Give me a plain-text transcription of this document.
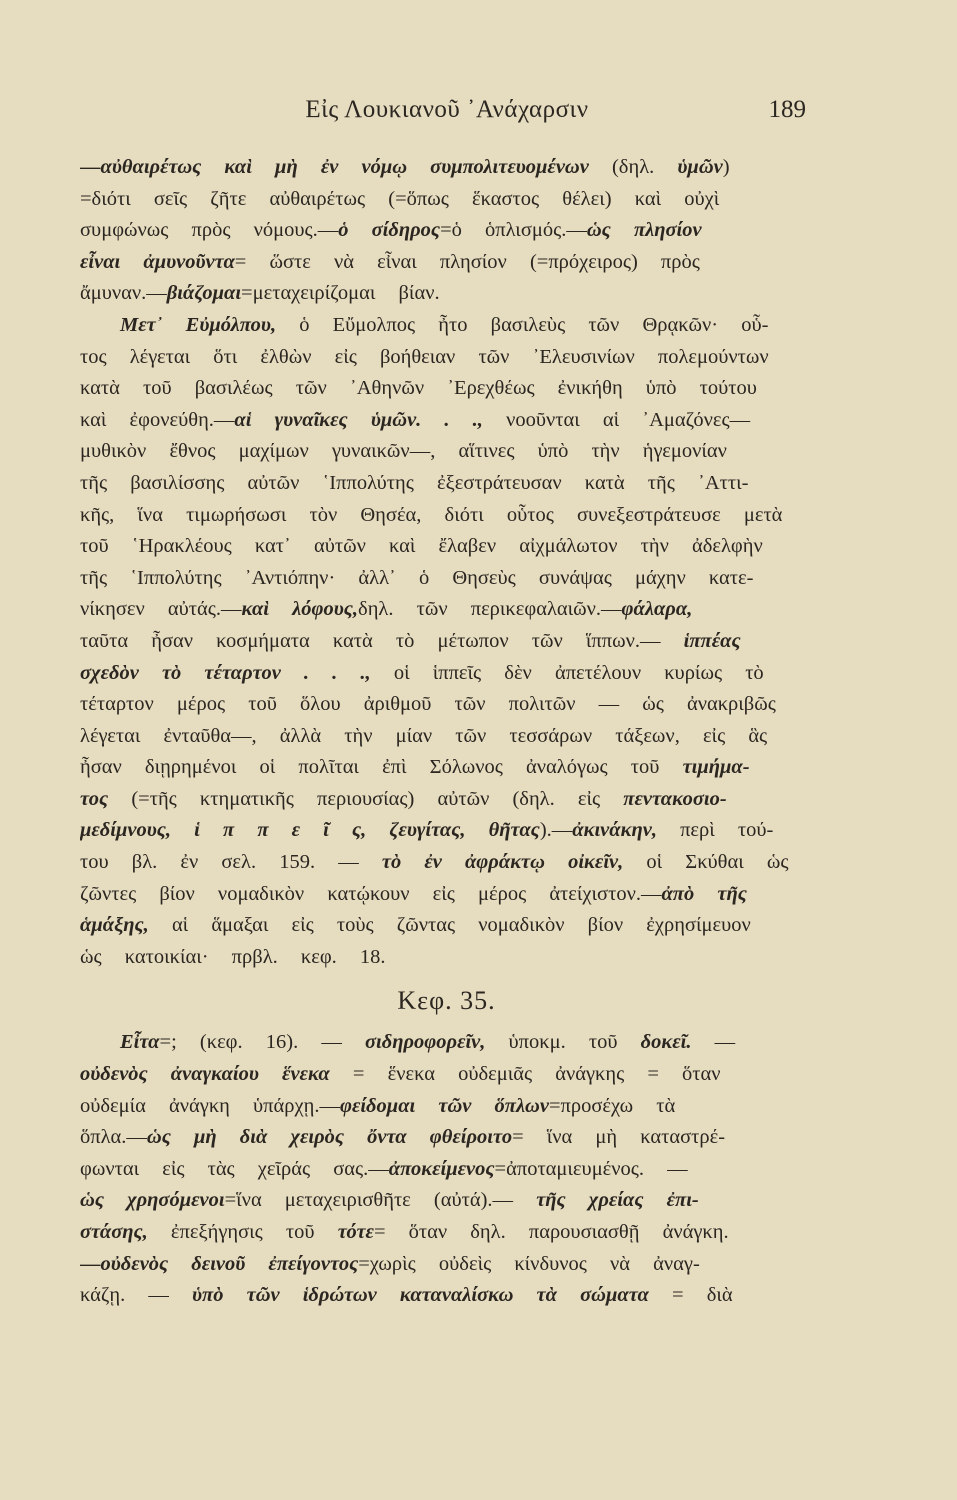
Εἰς Λουκιανοῦ ᾿Ανάχαρσιν	189
—αὐθαιρέτως καὶ μὴ ἐν νόμῳ συμπολιτευομένων (δηλ. ὑμῶν)
=διότι σεῖς ζῆτε αὐθαιρέτως (=ὅπως ἕκαστος θέλει) καὶ οὐχὶ
συμφώνως πρὸς νόμους.—ὁ σίδηρος=ὁ ὁπλισμός.—ὡς πλησίον
εἶναι ἀμυνοῦντα= ὥστε νὰ εἶναι πλησίον (=πρόχειρος) πρὸς
ἄμυναν.—βιάζομαι=μεταχειρίζομαι βίαν.
Μετ᾿ Εὐμόλπου, ὁ Εὔμολπος ἦτο βασιλεὺς τῶν Θρᾳκῶν· οὗ-
τος λέγεται ὅτι ἐλθὼν εἰς βοήθειαν τῶν ᾿Ελευσινίων πολεμούντων
κατὰ τοῦ βασιλέως τῶν ᾿Αθηνῶν ᾿Ερεχθέως ἐνικήθη ὑπὸ τούτου
καὶ ἐφονεύθη.—αἱ γυναῖκες ὑμῶν. . ., νοοῦνται αἱ ᾿Αμαζόνες—
μυθικὸν ἔθνος μαχίμων γυναικῶν—, αἵτινες ὑπὸ τὴν ἡγεμονίαν
τῆς βασιλίσσης αὐτῶν ῾Ιππολύτης ἐξεστράτευσαν κατὰ τῆς ᾿Αττι-
κῆς, ἵνα τιμωρήσωσι τὸν Θησέα, διότι οὗτος συνεξεστράτευσε μετὰ
τοῦ ῾Ηρακλέους κατ᾿ αὐτῶν καὶ ἔλαβεν αἰχμάλωτον τὴν ἀδελφὴν
τῆς ῾Ιππολύτης ᾿Αντιόπην· ἀλλ᾿ ὁ Θησεὺς συνάψας μάχην κατε-
νίκησεν αὐτάς.—καὶ λόφους,δηλ. τῶν περικεφαλαιῶν.—φάλαρα,
ταῦτα ἦσαν κοσμήματα κατὰ τὸ μέτωπον τῶν ἵππων.— ἱππέας
σχεδὸν τὸ τέταρτον . . ., οἱ ἱππεῖς δὲν ἀπετέλουν κυρίως τὸ
τέταρτον μέρος τοῦ ὅλου ἀριθμοῦ τῶν πολιτῶν — ὡς ἀνακριβῶς
λέγεται ἐνταῦθα—, ἀλλὰ τὴν μίαν τῶν τεσσάρων τάξεων, εἰς ἃς
ἦσαν διῃρημένοι οἱ πολῖται ἐπὶ Σόλωνος ἀναλόγως τοῦ τιμήμα-
τος (=τῆς κτηματικῆς περιουσίας) αὐτῶν (δηλ. εἰς πεντακοσιο-
μεδίμνους, ἱ π π ε ῖ ς, ζευγίτας, θῆτας).—ἀκινάκην, περὶ τού-
του βλ. ἐν σελ. 159. — τὸ ἐν ἀφράκτῳ οἰκεῖν, οἱ Σκύθαι ὡς
ζῶντες βίον νομαδικὸν κατῴκουν εἰς μέρος ἀτείχιστον.—ἀπὸ τῆς
ἁμάξης, αἱ ἅμαξαι εἰς τοὺς ζῶντας νομαδικὸν βίον ἐχρησίμευον
ὡς κατοικίαι· πρβλ. κεφ. 18.
Κεφ. 35.
Εἶτα=; (κεφ. 16). — σιδηροφορεῖν, ὑποκμ. τοῦ δοκεῖ. —
οὐδενὸς ἀναγκαίου ἕνεκα = ἕνεκα οὐδεμιᾶς ἀνάγκης = ὅταν
οὐδεμία ἀνάγκη ὑπάρχῃ.—φείδομαι τῶν ὅπλων=προσέχω τὰ
ὅπλα.—ὡς μὴ διὰ χειρὸς ὄντα φθείροιτο= ἵνα μὴ καταστρέ-
φωνται εἰς τὰς χεῖράς σας.—ἀποκείμενος=ἀποταμιευμένος. —
ὡς χρησόμενοι=ἵνα μεταχειρισθῆτε (αὐτά).— τῆς χρείας ἐπι-
στάσης, ἐπεξήγησις τοῦ τότε= ὅταν δηλ. παρουσιασθῇ ἀνάγκη.
—οὐδενὸς δεινοῦ ἐπείγοντος=χωρὶς οὐδεὶς κίνδυνος νὰ ἀναγ-
κάζῃ. — ὑπὸ τῶν ἱδρώτων καταναλίσκω τὰ σώματα = διὰ
